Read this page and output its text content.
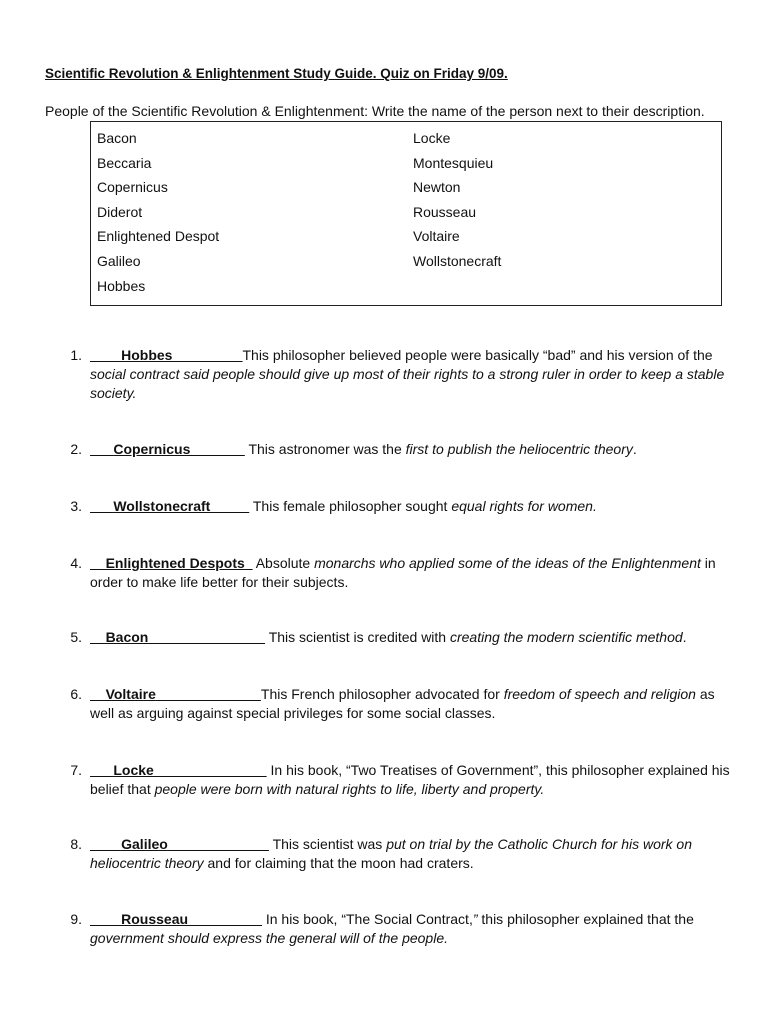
Scientific Revolution & Enlightenment Study Guide. Quiz on Friday 9/09.
People of the Scientific Revolution & Enlightenment: Write the name of the person next to their description.
Bacon
Beccaria
Copernicus
Diderot
Enlightened Despot
Galileo
Hobbes
Locke
Montesquieu
Newton
Rousseau
Voltaire
Wollstonecraft
1.	Hobbes	This philosopher believed people were basically “bad” and his version of the social contract said people should give up most of their rights to a strong ruler in order to keep a stable society.
2.	Copernicus	This astronomer was the first to publish the heliocentric theory.
3.	Wollstonecraft	This female philosopher sought equal rights for women.
4.	Enlightened Despots   Absolute monarchs who applied some of the ideas of the Enlightenment in order to make life better for their subjects.
5.	Bacon	This scientist is credited with creating the modern scientific method.
6.	Voltaire	This French philosopher advocated for freedom of speech and religion as well as arguing against special privileges for some social classes.
7.	Locke	In his book, “Two Treatises of Government”, this philosopher explained his belief that people were born with natural rights to life, liberty and property.
8.	Galileo	This scientist was put on trial by the Catholic Church for his work on heliocentric theory and for claiming that the moon had craters.
9.	Rousseau	In his book, “The Social Contract,” this philosopher explained that the government should express the general will of the people.
